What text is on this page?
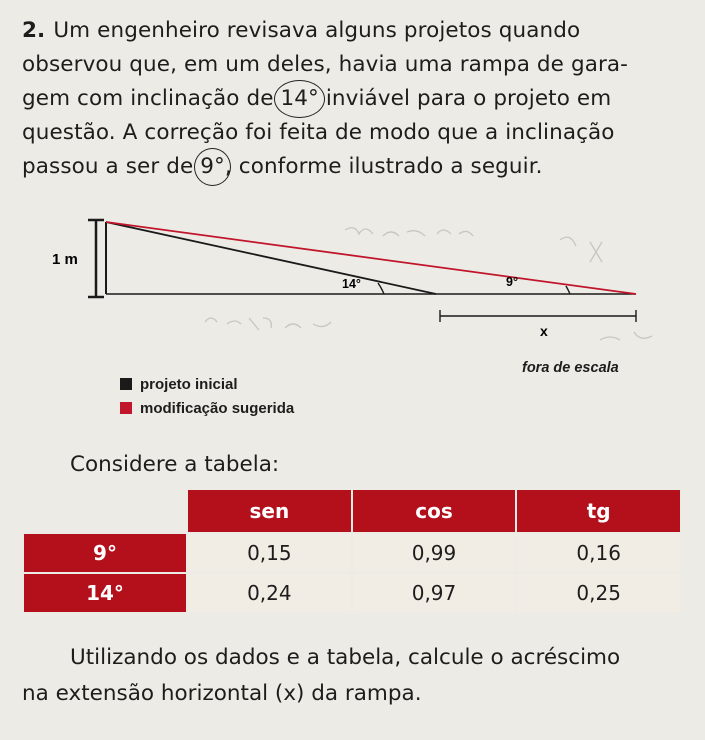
2. Um engenheiro revisava alguns projetos quando

observou que, em um deles, havia uma rampa de gara-

gem com inclinação de 14° inviável para o projeto em

questão. A correção foi feita de modo que a inclinação

passou a ser de 9°, conforme ilustrado a seguir.

1 m
14°	9°
x
fora de escala
projeto inicial
modificação sugerida
Considere a tabela:
	sen	cos	tg
9°	0,15	0,99	0,16
14°	0,24	0,97	0,25

Utilizando os dados e a tabela, calcule o acréscimo

na extensão horizontal (x) da rampa.
